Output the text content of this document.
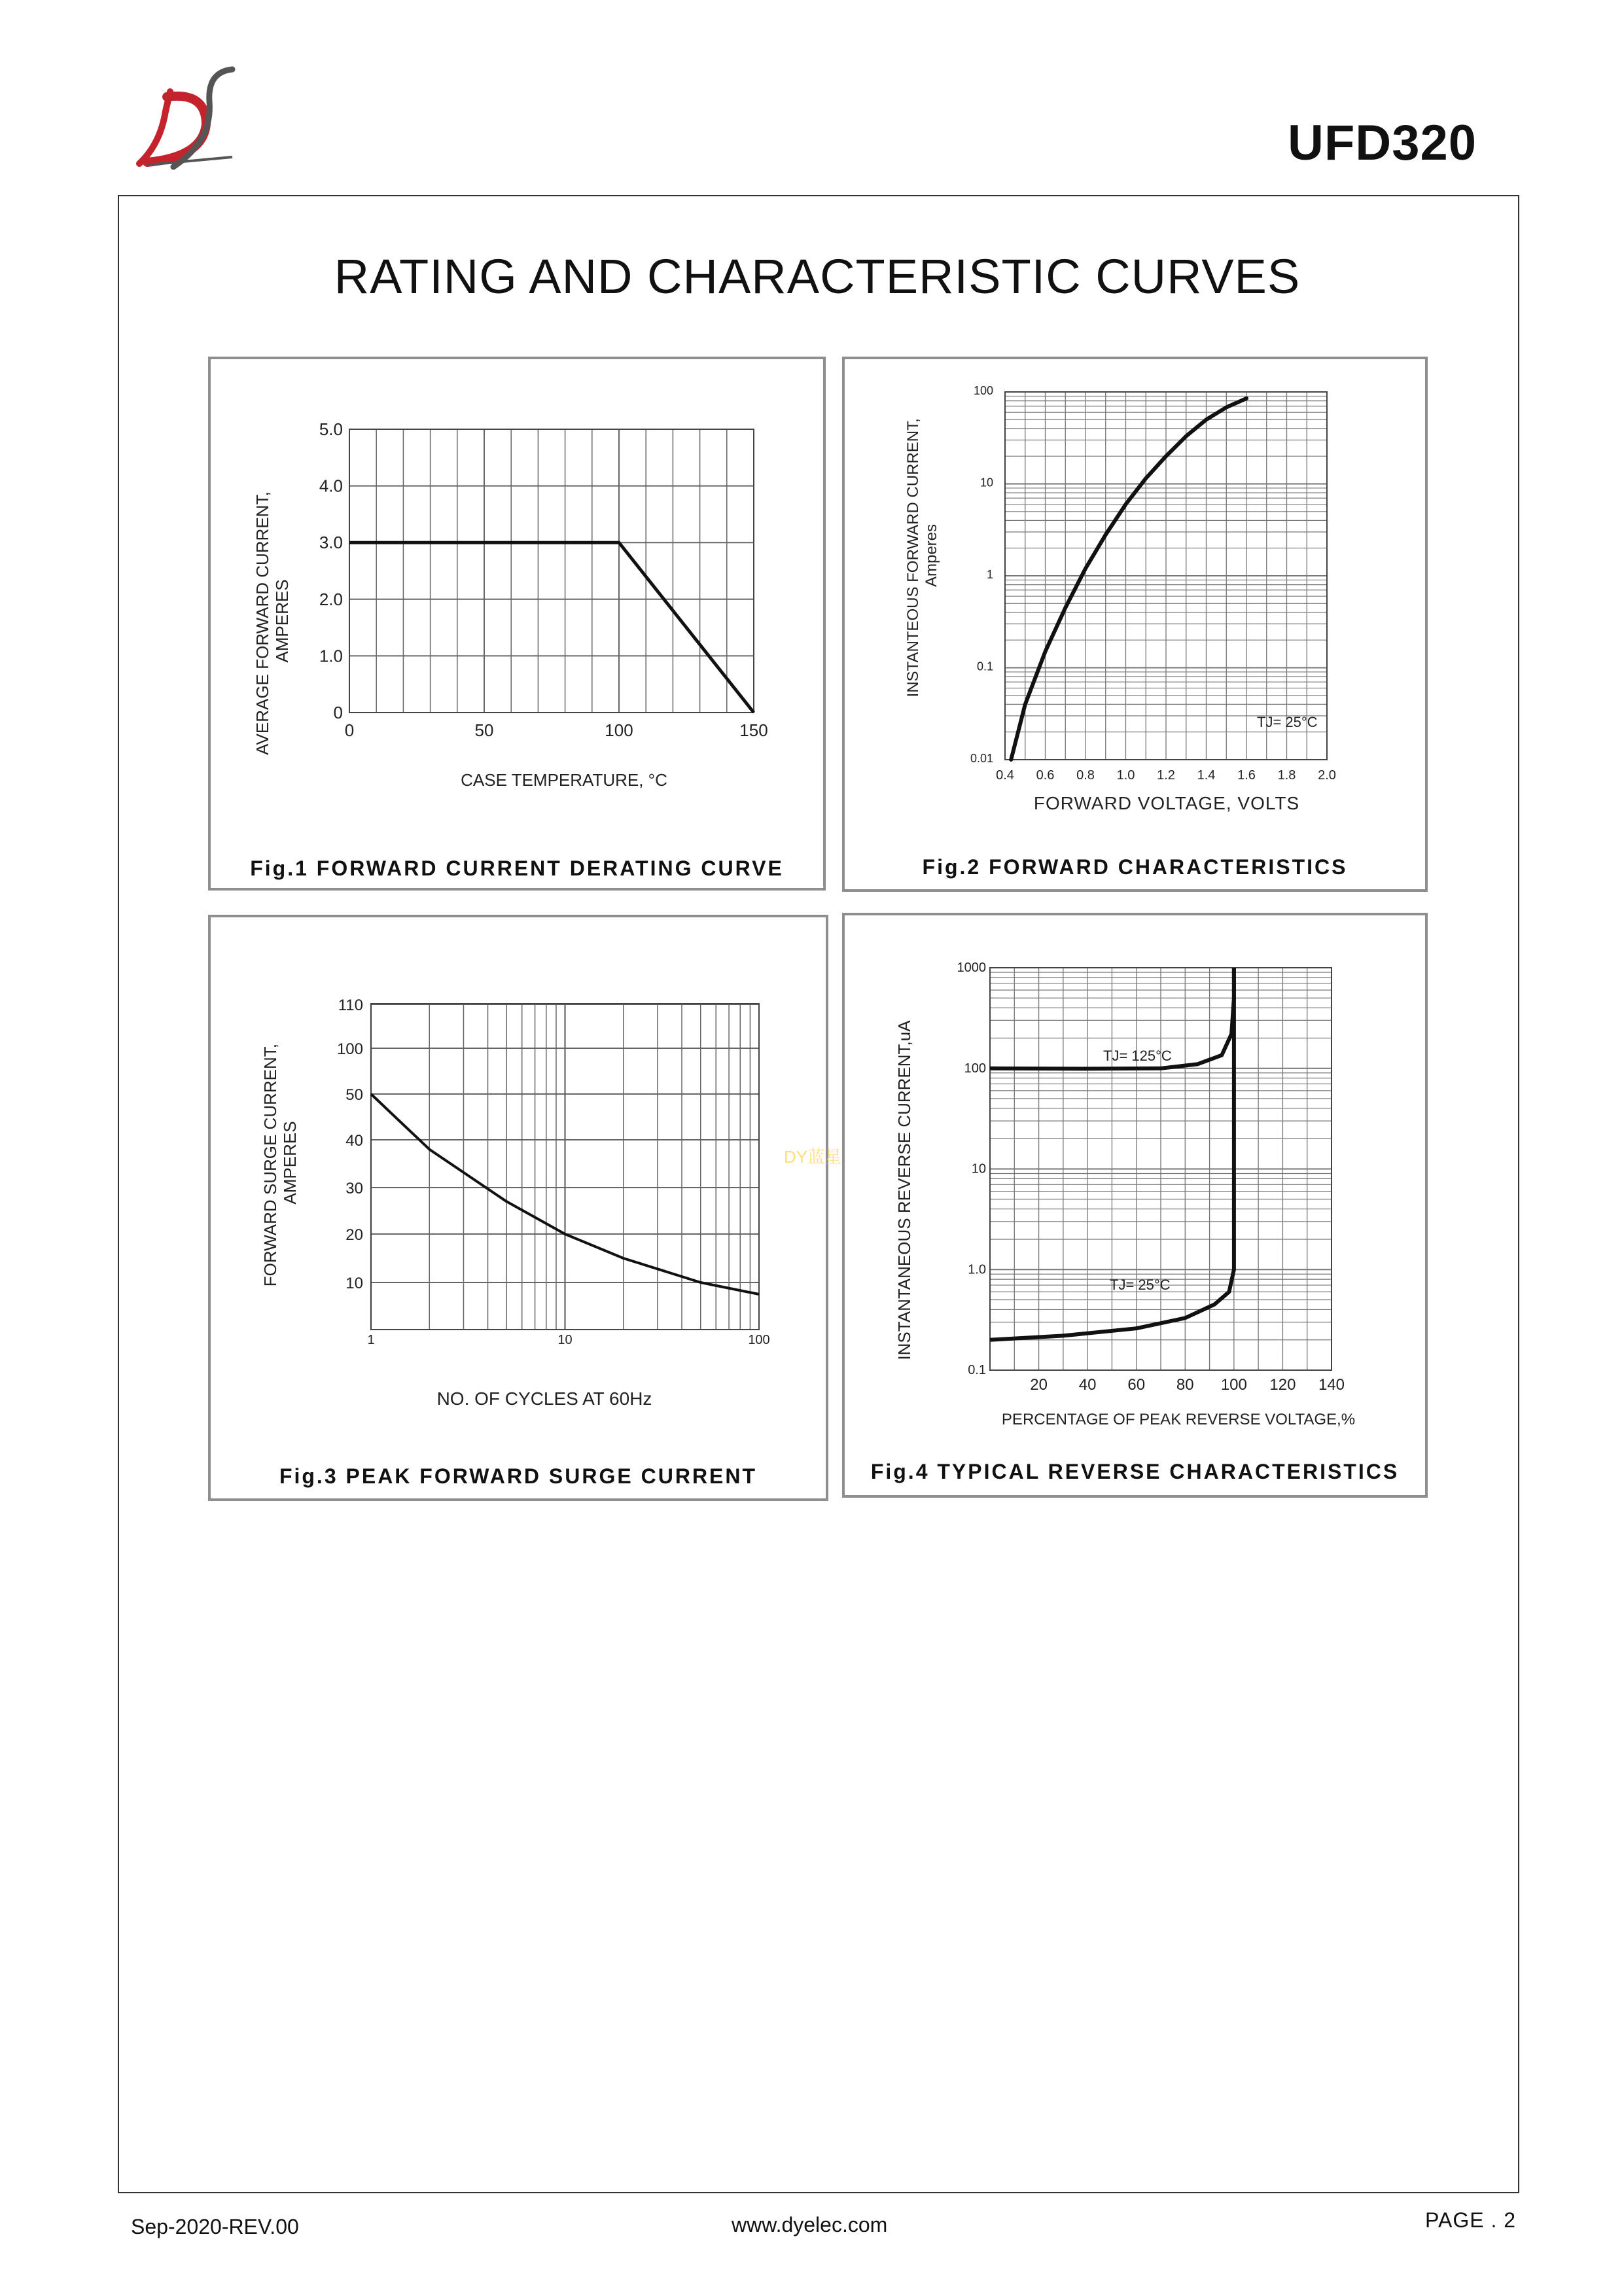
UFD320
RATING AND CHARACTERISTIC CURVES
0
1.0
2.0
3.0
4.0
5.0
0	50	100	150
CASE TEMPERATURE, °C
AVERAGE FORWARD CURRENT, AMPERES
Fig.1 FORWARD CURRENT DERATING CURVE
0.01
0.1
1
10
100
0.4 0.6 0.8 1.0 1.2 1.4 1.6 1.8 2.0
FORWARD VOLTAGE, VOLTS
INSTANTEOUS FORWARD CURRENT, Amperes
TJ= 25°C
Fig.2 FORWARD CHARACTERISTICS
10
20
30
40
50
100
110
1	10	100
NO. OF CYCLES AT 60Hz
FORWARD SURGE CURRENT, AMPERES
Fig.3 PEAK FORWARD SURGE CURRENT
0.1
1.0
10
100
1000
20 40 60 80 100 120 140
PERCENTAGE OF PEAK REVERSE VOLTAGE,%
INSTANTANEOUS REVERSE CURRENT,uA	TJ= 125°C
TJ= 25°C
Fig.4 TYPICAL REVERSE CHARACTERISTICS
DY蓝星
Sep-2020-REV.00	www.dyelec.com	PAGE . 2
